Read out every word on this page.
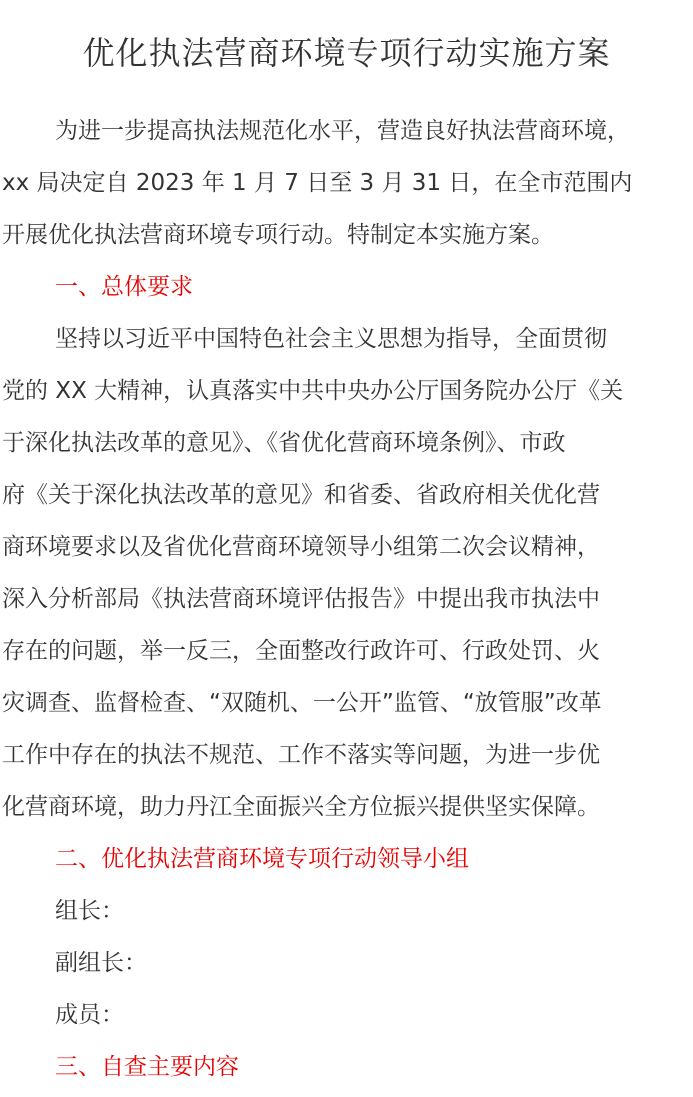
优化执法营商环境专项行动实施方案
为进一步提高执法规范化水平，营造良好执法营商环境，
xx 局决定自 2023 年 1 月 7 日至 3 月 31 日，在全市范围内
开展优化执法营商环境专项行动。特制定本实施方案。
一、总体要求
坚持以习近平中国特色社会主义思想为指导，全面贯彻
党的 XX 大精神，认真落实中共中央办公厅国务院办公厅《关
于深化执法改革的意见》、《省优化营商环境条例》、市政
府《关于深化执法改革的意见》和省委、省政府相关优化营
商环境要求以及省优化营商环境领导小组第二次会议精神，
深入分析部局《执法营商环境评估报告》中提出我市执法中
存在的问题，举一反三，全面整改行政许可、行政处罚、火
灾调查、监督检查、“双随机、一公开”监管、“放管服”改革
工作中存在的执法不规范、工作不落实等问题，为进一步优
化营商环境，助力丹江全面振兴全方位振兴提供坚实保障。
二、优化执法营商环境专项行动领导小组
组长：
副组长：
成员：
三、自查主要内容
